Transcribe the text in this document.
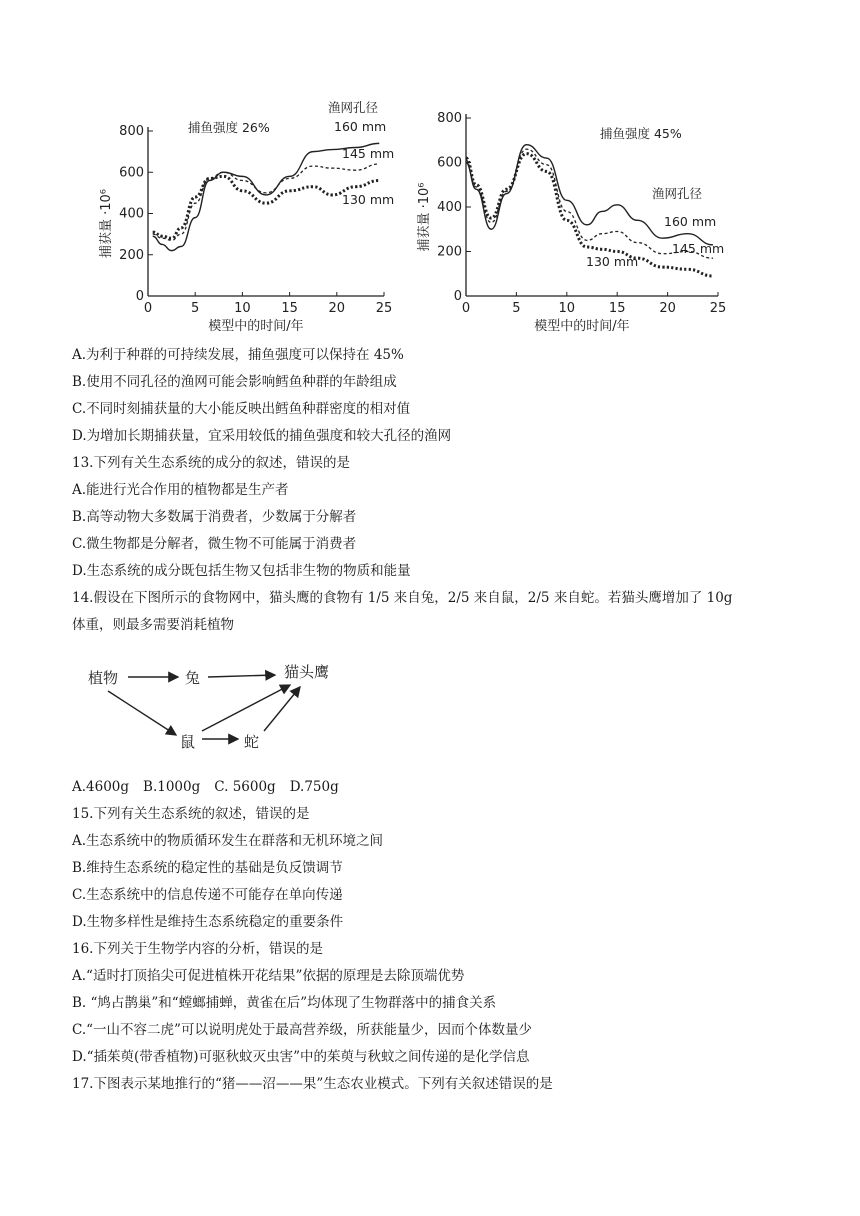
0	5	10 15 20 25
0
200
400
600
800
捕获量 ·10⁶
模型中的时间/年
捕鱼强度 26%
渔网孔径
160 mm
145 mm
130 mm
0	5	10	15	20	25
0
200
400
600
800
捕获量 ·10⁶
模型中的时间/年
捕鱼强度 45%
渔网孔径
160 mm
145 mm
130 mm
A.为利于种群的可持续发展，捕鱼强度可以保持在 45%
B.使用不同孔径的渔网可能会影响鳕鱼种群的年龄组成
C.不同时刻捕获量的大小能反映出鳕鱼种群密度的相对值
D.为增加长期捕获量，宜采用较低的捕鱼强度和较大孔径的渔网
13.下列有关生态系统的成分的叙述，错误的是
A.能进行光合作用的植物都是生产者
B.高等动物大多数属于消费者，少数属于分解者
C.微生物都是分解者，微生物不可能属于消费者
D.生态系统的成分既包括生物又包括非生物的物质和能量
14.假设在下图所示的食物网中，猫头鹰的食物有 1/5 来自兔，2/5 来自鼠，2/5 来自蛇。若猫头鹰增加了 10g
体重，则最多需要消耗植物
植物	兔	猫头鹰
鼠	蛇
A.4600g B.1000g C. 5600g D.750g
15.下列有关生态系统的叙述，错误的是
A.生态系统中的物质循环发生在群落和无机环境之间
B.维持生态系统的稳定性的基础是负反馈调节
C.生态系统中的信息传递不可能存在单向传递
D.生物多样性是维持生态系统稳定的重要条件
16.下列关于生物学内容的分析，错误的是
A.“适时打顶掐尖可促进植株开花结果”依据的原理是去除顶端优势
B. “鸠占鹊巢”和“螳螂捕蝉，黄雀在后”均体现了生物群落中的捕食关系
C.“一山不容二虎”可以说明虎处于最高营养级，所获能量少，因而个体数量少
D.“插茱萸(带香植物)可驱秋蚊灭虫害”中的茱萸与秋蚊之间传递的是化学信息
17.下图表示某地推行的“猪——沼——果”生态农业模式。下列有关叙述错误的是
